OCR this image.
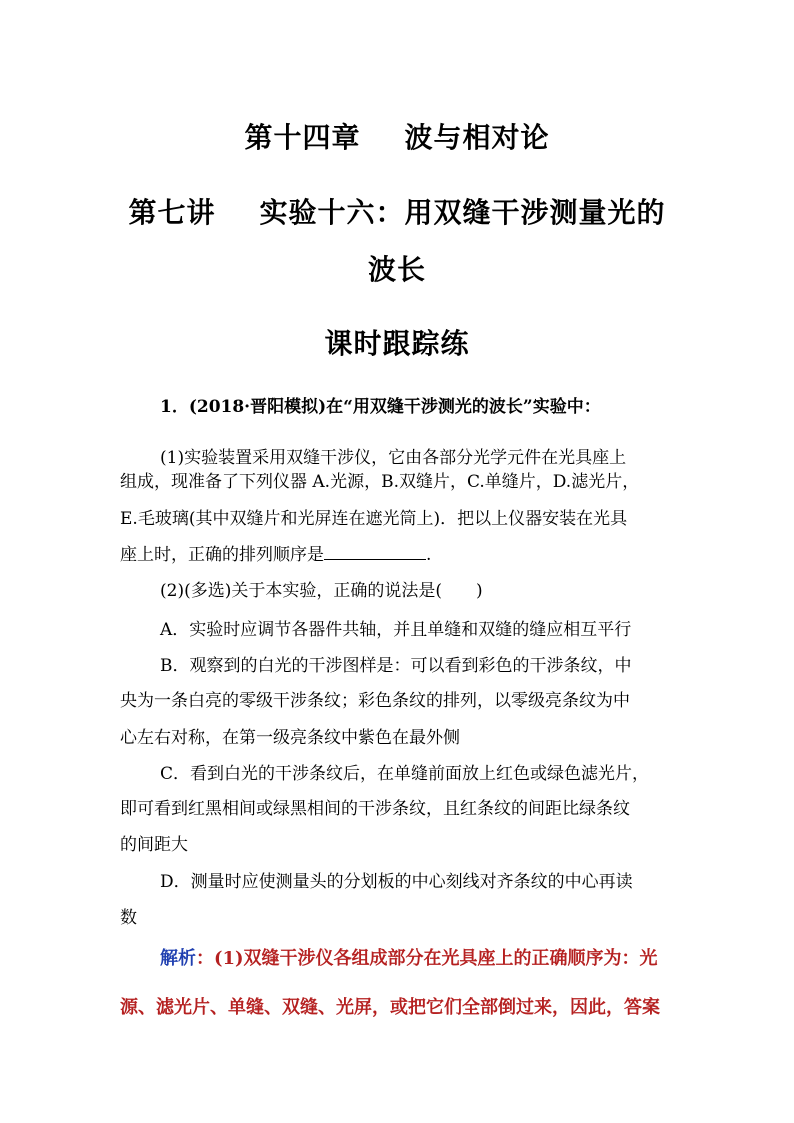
第十四章 波与相对论
第七讲 实验十六：用双缝干涉测量光的
波长
课时跟踪练
1．(2018·晋阳模拟)在“用双缝干涉测光的波长”实验中：
(1)实验装置采用双缝干涉仪，它由各部分光学元件在光具座上
组成，现准备了下列仪器 A.光源，B.双缝片，C.单缝片，D.滤光片，
E.毛玻璃(其中双缝片和光屏连在遮光筒上)．把以上仪器安装在光具
座上时，正确的排列顺序是	.
(2)(多选)关于本实验，正确的说法是(　　)
A．实验时应调节各器件共轴，并且单缝和双缝的缝应相互平行
B．观察到的白光的干涉图样是：可以看到彩色的干涉条纹，中
央为一条白亮的零级干涉条纹；彩色条纹的排列，以零级亮条纹为中
心左右对称，在第一级亮条纹中紫色在最外侧
C．看到白光的干涉条纹后，在单缝前面放上红色或绿色滤光片，
即可看到红黑相间或绿黑相间的干涉条纹，且红条纹的间距比绿条纹
的间距大
D．测量时应使测量头的分划板的中心刻线对齐条纹的中心再读
数
解析：(1)双缝干涉仪各组成部分在光具座上的正确顺序为：光
源、滤光片、单缝、双缝、光屏，或把它们全部倒过来，因此，答案
